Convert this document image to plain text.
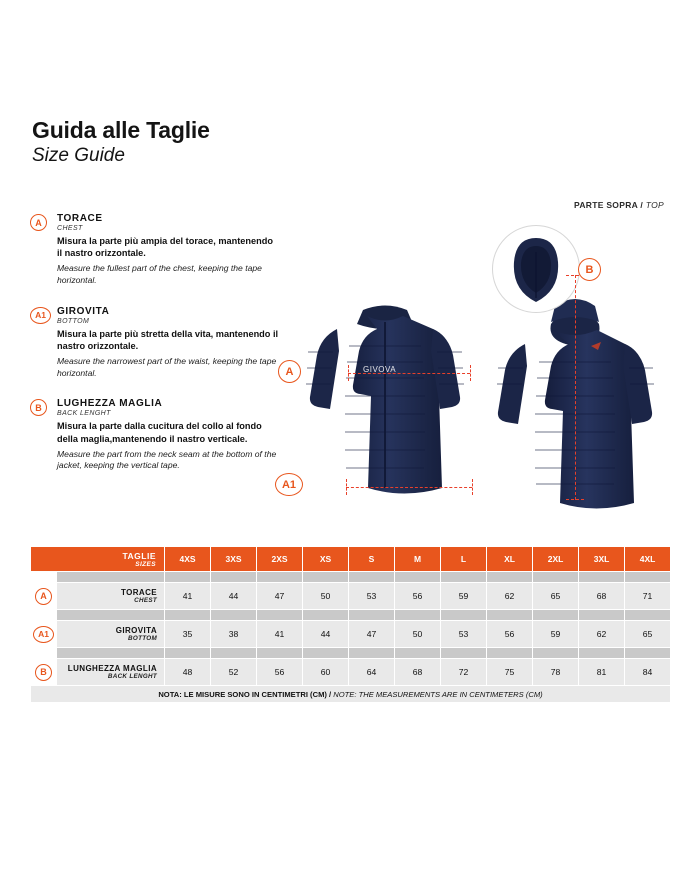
Guida alle Taglie
Size Guide
PARTE SOPRA / TOP
A	TORACE
CHEST
Misura la parte più ampia del torace, mantenendo il nastro orizzontale.
Measure the fullest part of the chest, keeping the tape horizontal.
A1	GIROVITA
BOTTOM
Misura la parte più stretta della vita, mantenendo il nastro orizzontale.
Measure the narrowest part of the waist, keeping the tape horizontal.
B	LUGHEZZA MAGLIA
BACK LENGHT
Misura la parte dalla cucitura del collo al fondo della maglia,mantenendo il nastro verticale.
Measure the part from the neck seam at the bottom of the jacket, keeping the vertical tape.
GIVOVA
A
A1
B
TAGLIE
SIZES		4XS	3XS	2XS	XS	S	M	L	XL	2XL	3XL	4XL

A	TORACE
CHEST	41	44	47	50	53	56	59	62	65	68	71

A1	GIROVITA
BOTTOM	35	38	41	44	47	50	53	56	59	62	65

B	LUNGHEZZA MAGLIA
BACK LENGHT	48	52	56	60	64	68	72	75	78	81	84
NOTA: LE MISURE SONO IN CENTIMETRI (CM) / NOTE: THE MEASUREMENTS ARE IN CENTIMETERS (CM)												
